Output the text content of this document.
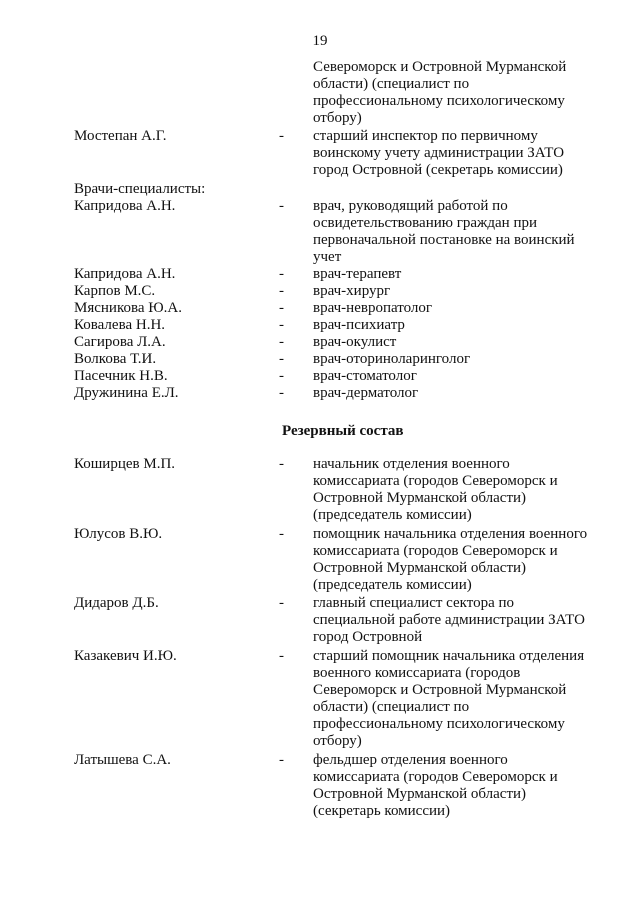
19
Североморск и Островной Мурманской
области) (специалист по
профессиональному психологическому
отбору)
Мостепан А.Г.	- старший инспектор по первичному
воинскому учету администрации ЗАТО
город Островной (секретарь комиссии)
Врачи-специалисты:
Капридова А.Н.	- врач, руководящий работой по
освидетельствованию граждан при
первоначальной постановке на воинский
учет
Капридова А.Н.	- врач-терапевт
Карпов М.С.	- врач-хирург
Мясникова Ю.А.	- врач-невропатолог
Ковалева Н.Н.	- врач-психиатр
Сагирова Л.А.	- врач-окулист
Волкова Т.И.	- врач-оториноларинголог
Пасечник Н.В.	- врач-стоматолог
Дружинина Е.Л.	- врач-дерматолог
Резервный состав
Коширцев М.П.	- начальник отделения военного
комиссариата (городов Североморск и
Островной Мурманской области)
(председатель комиссии)
Юлусов В.Ю.	- помощник начальника отделения военного
комиссариата (городов Североморск и
Островной Мурманской области)
(председатель комиссии)
Дидаров Д.Б.	- главный специалист сектора по
специальной работе администрации ЗАТО
город Островной
Казакевич И.Ю.	- старший помощник начальника отделения
военного комиссариата (городов
Североморск и Островной Мурманской
области) (специалист по
профессиональному психологическому
отбору)
Латышева С.А.	- фельдшер отделения военного
комиссариата (городов Североморск и
Островной Мурманской области)
(секретарь комиссии)
